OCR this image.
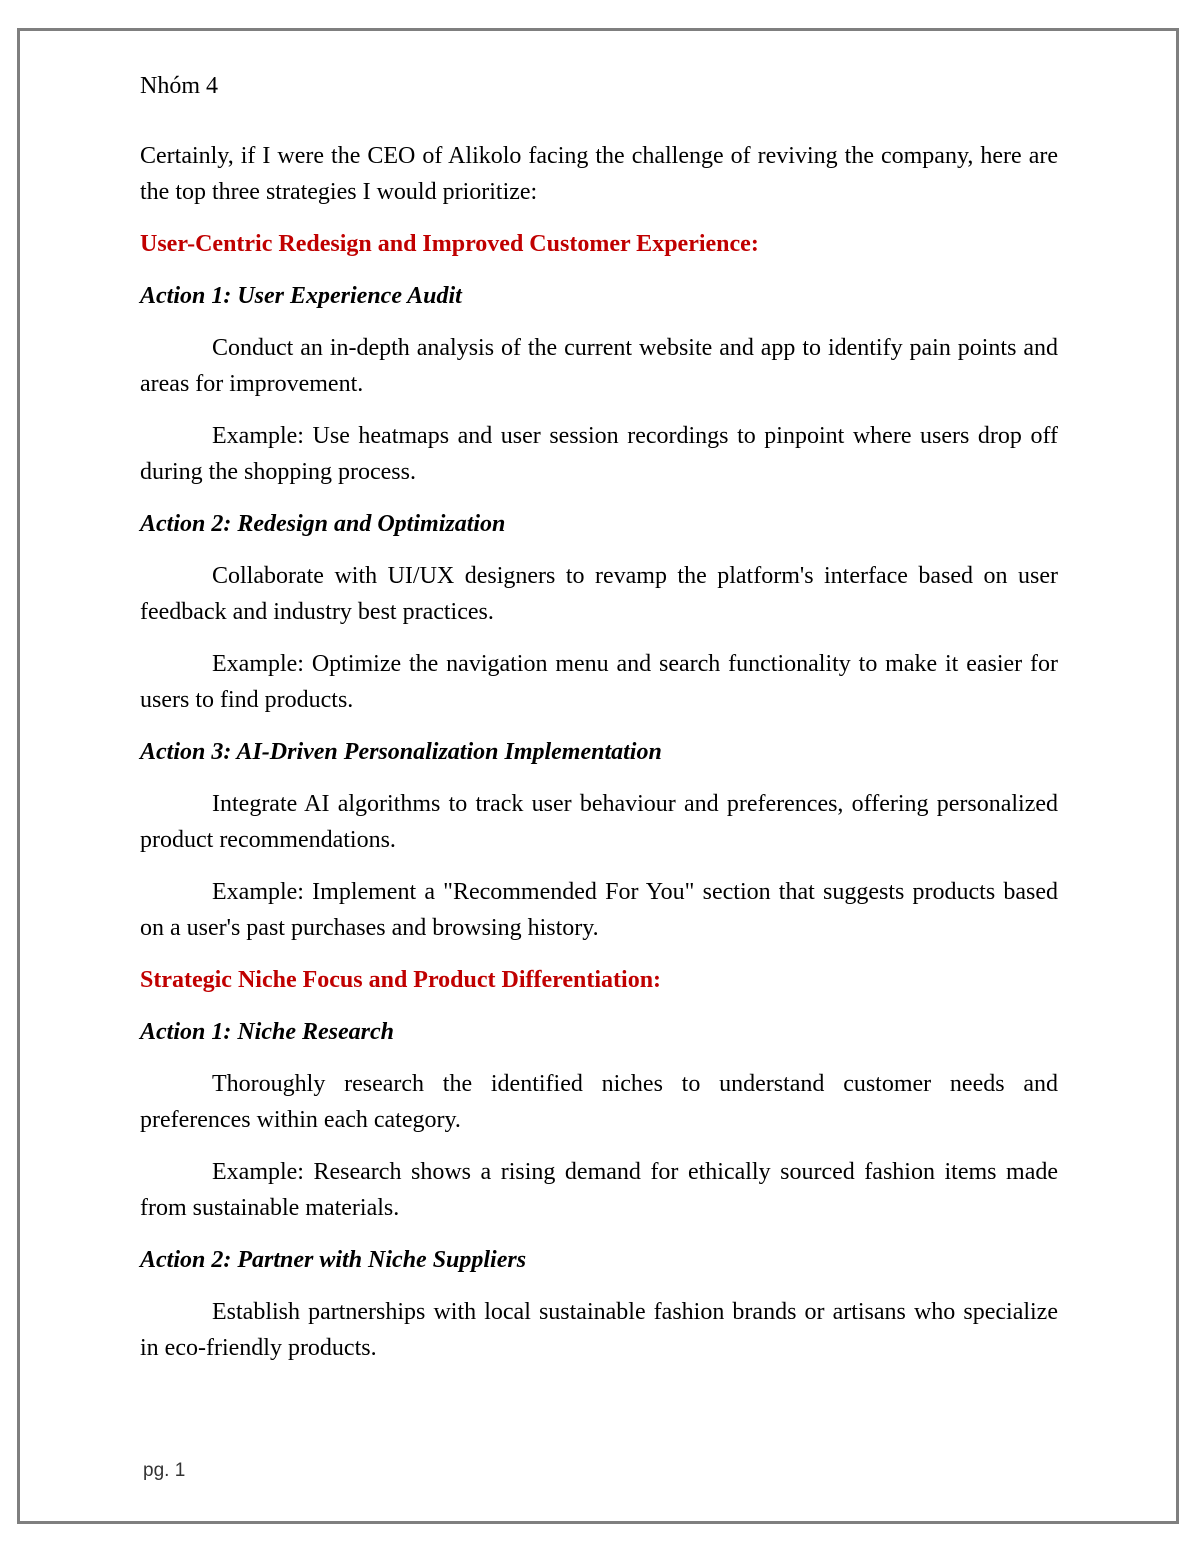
Nhóm 4

Certainly, if I were the CEO of Alikolo facing the challenge of reviving the company, here are the top three strategies I would prioritize:

User-Centric Redesign and Improved Customer Experience:

Action 1: User Experience Audit

Conduct an in-depth analysis of the current website and app to identify pain points and areas for improvement.

Example: Use heatmaps and user session recordings to pinpoint where users drop off during the shopping process.

Action 2: Redesign and Optimization

Collaborate with UI/UX designers to revamp the platform's interface based on user feedback and industry best practices.

Example: Optimize the navigation menu and search functionality to make it easier for users to find products.

Action 3: AI-Driven Personalization Implementation

Integrate AI algorithms to track user behaviour and preferences, offering personalized product recommendations.

Example: Implement a "Recommended For You" section that suggests products based on a user's past purchases and browsing history.

Strategic Niche Focus and Product Differentiation:

Action 1: Niche Research

Thoroughly research the identified niches to understand customer needs and preferences within each category.

Example: Research shows a rising demand for ethically sourced fashion items made from sustainable materials.

Action 2: Partner with Niche Suppliers

Establish partnerships with local sustainable fashion brands or artisans who specialize in eco-friendly products.

pg. 1
